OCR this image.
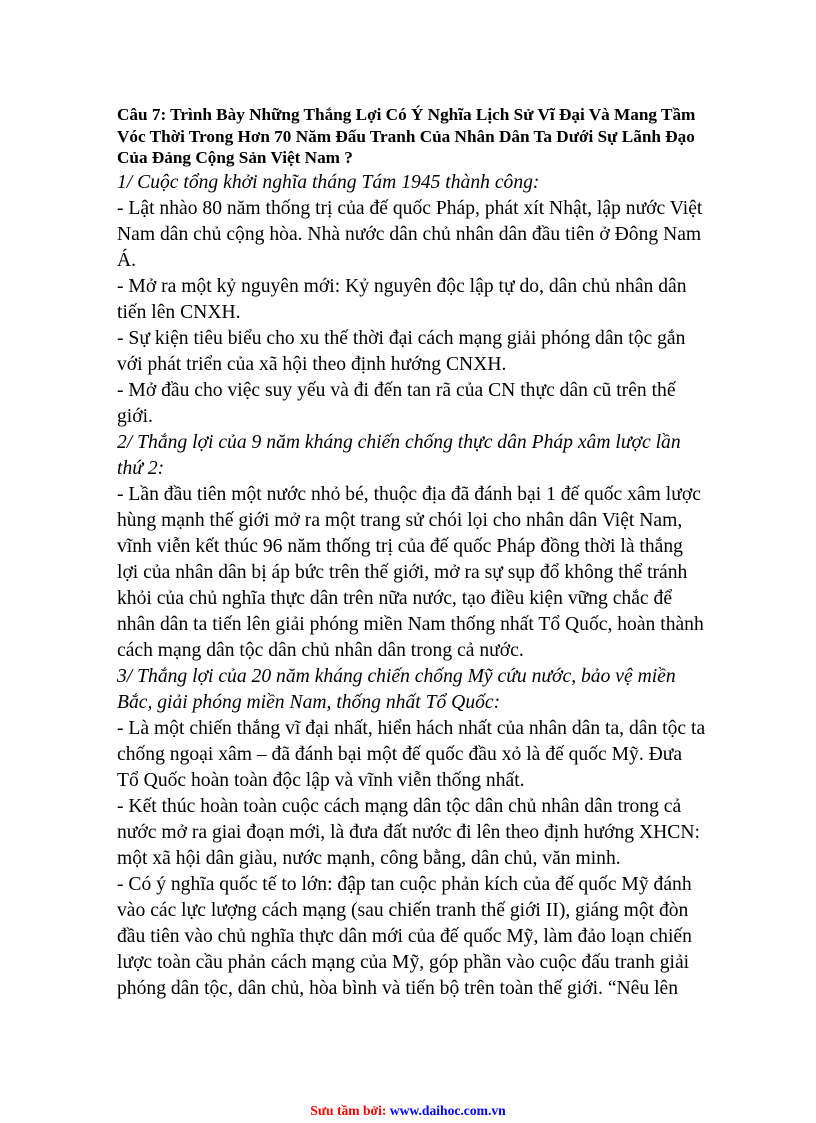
Câu 7: Trình Bày Những Thắng Lợi Có Ý Nghĩa Lịch Sử Vĩ Đại Và Mang Tầm Vóc Thời Trong Hơn 70 Năm Đấu Tranh Của Nhân Dân Ta Dưới Sự Lãnh Đạo Của Đảng Cộng Sản Việt Nam ?

1/ Cuộc tổng khởi nghĩa tháng Tám 1945 thành công:

- Lật nhào 80 năm thống trị của đế quốc Pháp, phát xít Nhật, lập nước Việt Nam dân chủ cộng hòa. Nhà nước dân chủ nhân dân đầu tiên ở Đông Nam Á.

- Mở ra một kỷ nguyên mới: Kỷ nguyên độc lập tự do, dân chủ nhân dân tiến lên CNXH.

- Sự kiện tiêu biểu cho xu thế thời đại cách mạng giải phóng dân tộc gắn với phát triển của xã hội theo định hướng CNXH.

- Mở đầu cho việc suy yếu và đi đến tan rã của CN thực dân cũ trên thế giới.

2/ Thắng lợi của 9 năm kháng chiến chống thực dân Pháp xâm lược lần thứ 2:

- Lần đầu tiên một nước nhỏ bé, thuộc địa đã đánh bại 1 đế quốc xâm lược hùng mạnh thế giới mở ra một trang sử chói lọi cho nhân dân Việt Nam, vĩnh viễn kết thúc 96 năm thống trị của đế quốc Pháp đồng thời là thắng lợi của nhân dân bị áp bức trên thế giới, mở ra sự sụp đổ không thể tránh khỏi của chủ nghĩa thực dân trên nữa nước, tạo điều kiện vững chắc để nhân dân ta tiến lên giải phóng miền Nam thống nhất Tổ Quốc, hoàn thành cách mạng dân tộc dân chủ nhân dân trong cả nước.

3/ Thắng lợi của 20 năm kháng chiến chống Mỹ cứu nước, bảo vệ miền Bắc, giải phóng miền Nam, thống nhất Tổ Quốc:

- Là một chiến thắng vĩ đại nhất, hiển hách nhất của nhân dân ta, dân tộc ta chống ngoại xâm – đã đánh bại một đế quốc đầu xỏ là đế quốc Mỹ. Đưa Tổ Quốc hoàn toàn độc lập và vĩnh viễn thống nhất.

- Kết thúc hoàn toàn cuộc cách mạng dân tộc dân chủ nhân dân trong cả nước mở ra giai đoạn mới, là đưa đất nước đi lên theo định hướng XHCN: một xã hội dân giàu, nước mạnh, công bằng, dân chủ, văn minh.

- Có ý nghĩa quốc tế to lớn: đập tan cuộc phản kích của đế quốc Mỹ đánh vào các lực lượng cách mạng (sau chiến tranh thế giới II), giáng một đòn đầu tiên vào chủ nghĩa thực dân mới của đế quốc Mỹ, làm đảo loạn chiến lược toàn cầu phản cách mạng của Mỹ, góp phần vào cuộc đấu tranh giải phóng dân tộc, dân chủ, hòa bình và tiến bộ trên toàn thế giới. “Nêu lên

Sưu tầm bởi: www.daihoc.com.vn
